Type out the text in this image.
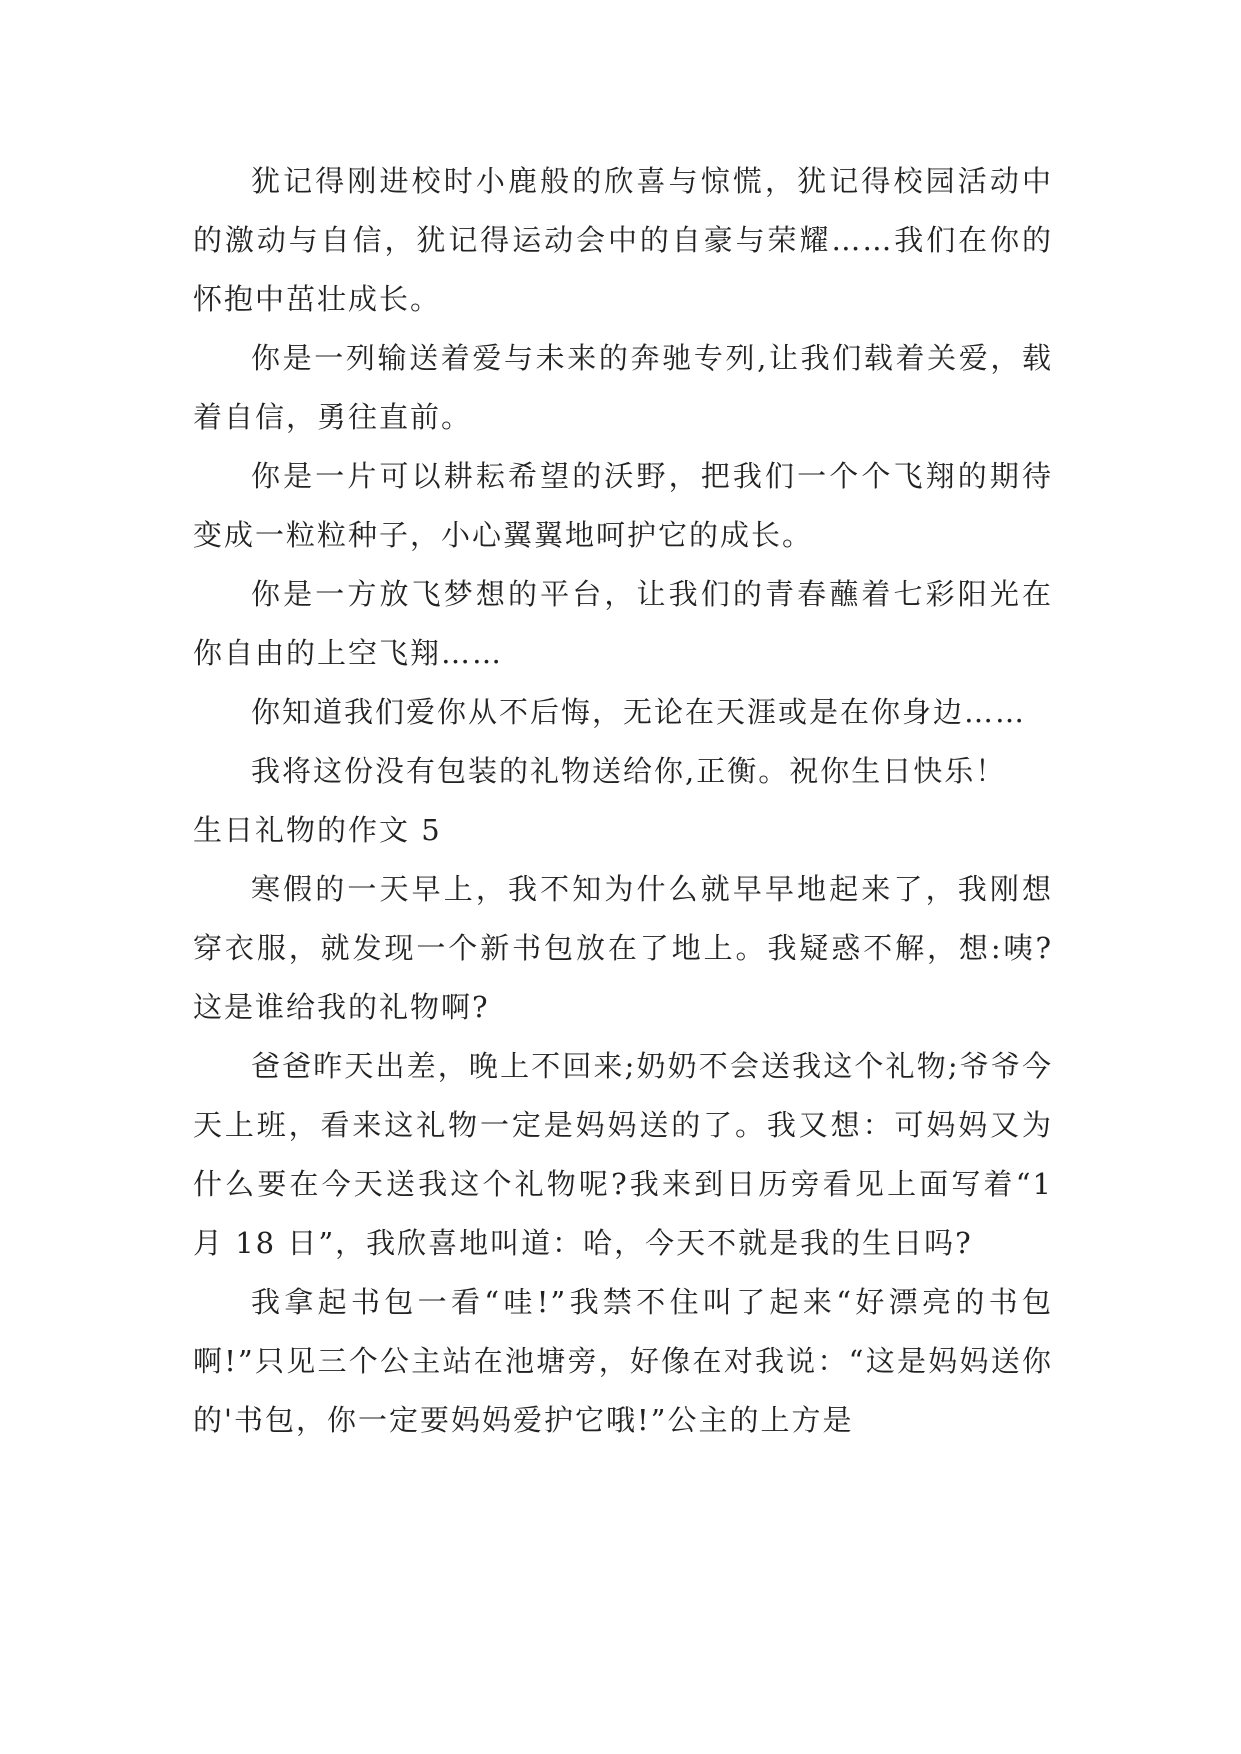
犹记得刚进校时小鹿般的欣喜与惊慌，犹记得校园活动中的激动与自信，犹记得运动会中的自豪与荣耀……我们在你的怀抱中茁壮成长。

你是一列输送着爱与未来的奔驰专列,让我们载着关爱，载着自信，勇往直前。

你是一片可以耕耘希望的沃野，把我们一个个飞翔的期待变成一粒粒种子，小心翼翼地呵护它的成长。

你是一方放飞梦想的平台，让我们的青春蘸着七彩阳光在你自由的上空飞翔……

你知道我们爱你从不后悔，无论在天涯或是在你身边……

我将这份没有包装的礼物送给你,正衡。祝你生日快乐！

生日礼物的作文 5

寒假的一天早上，我不知为什么就早早地起来了，我刚想穿衣服，就发现一个新书包放在了地上。我疑惑不解，想:咦?这是谁给我的礼物啊?

爸爸昨天出差，晚上不回来;奶奶不会送我这个礼物;爷爷今天上班，看来这礼物一定是妈妈送的了。我又想：可妈妈又为什么要在今天送我这个礼物呢?我来到日历旁看见上面写着“1 月 18 日”，我欣喜地叫道：哈，今天不就是我的生日吗?

我拿起书包一看“哇!”我禁不住叫了起来“好漂亮的书包啊!”只见三个公主站在池塘旁，好像在对我说：“这是妈妈送你的'书包，你一定要妈妈爱护它哦!”公主的上方是
